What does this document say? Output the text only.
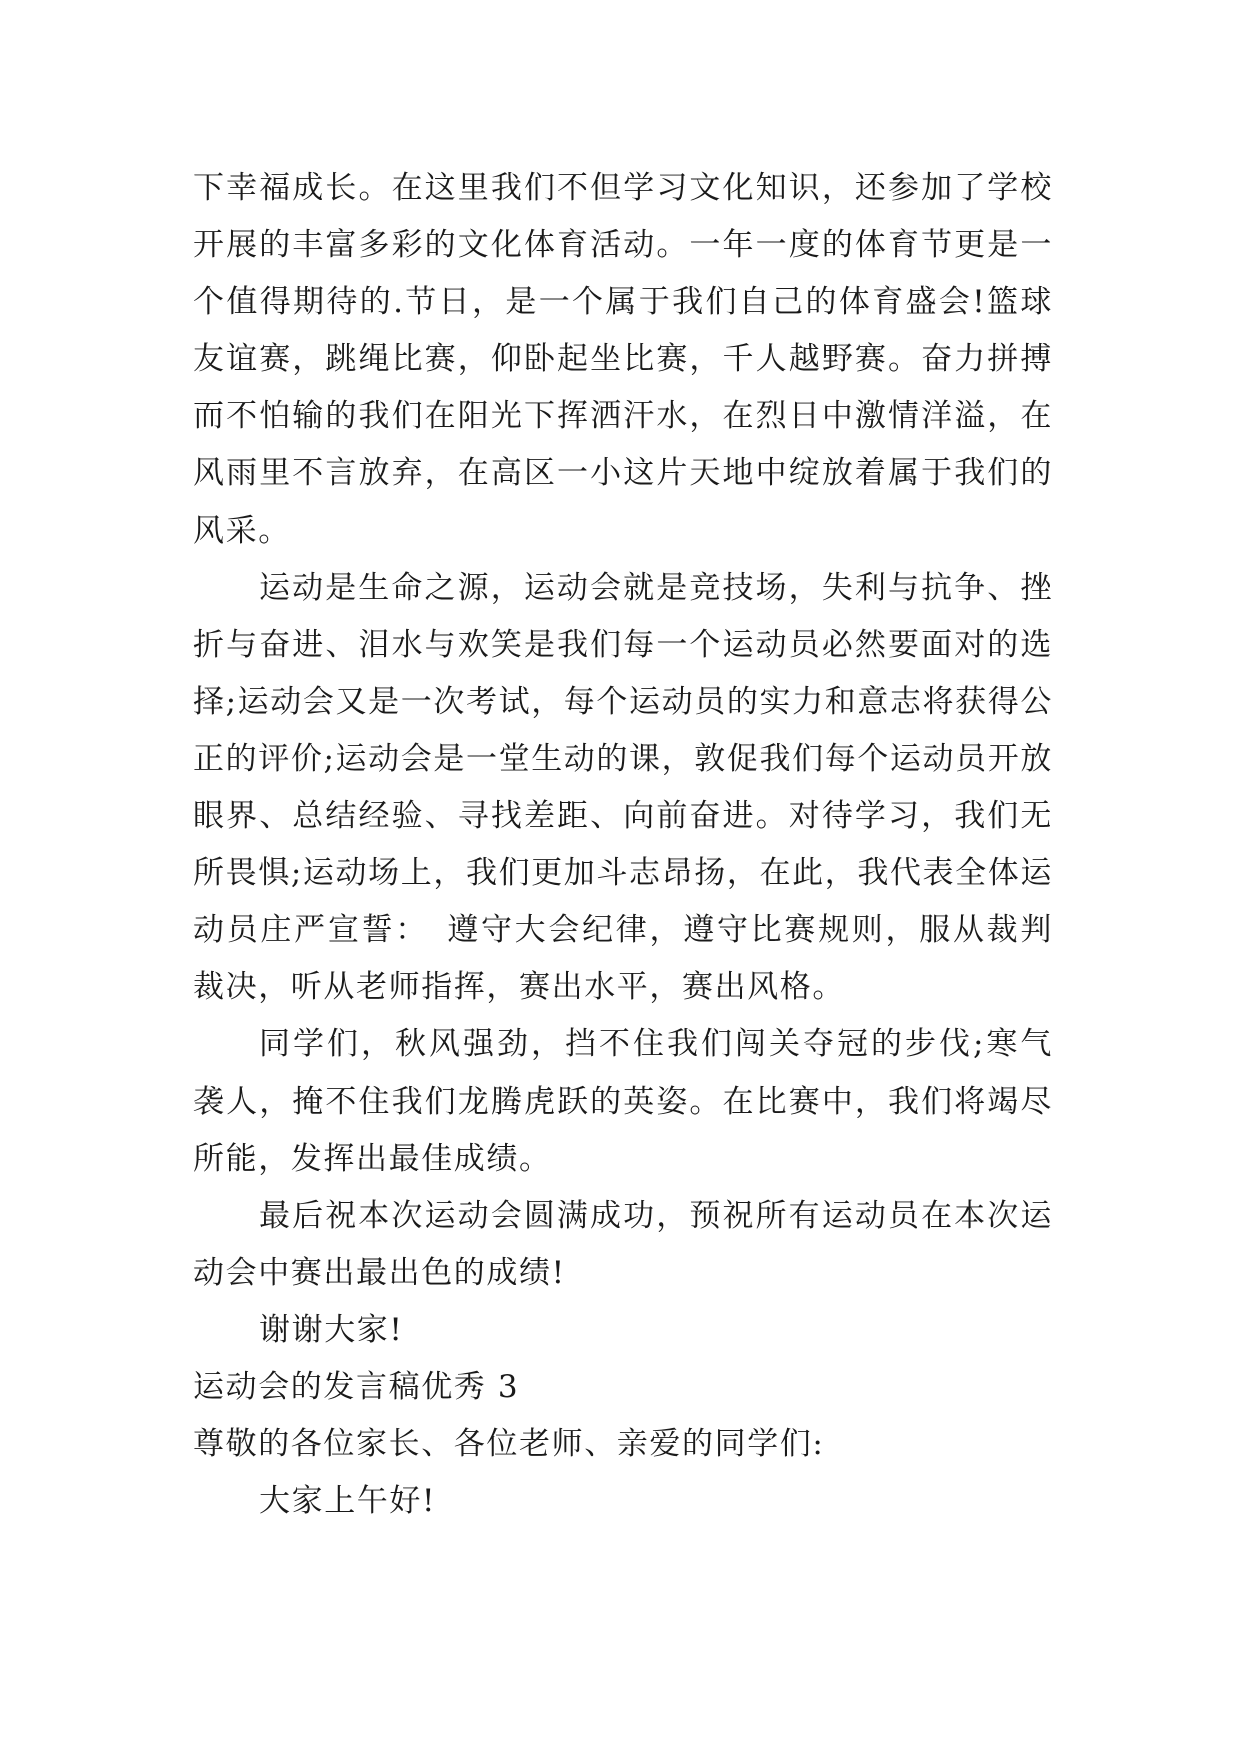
下幸福成长。在这里我们不但学习文化知识，还参加了学校开展的丰富多彩的文化体育活动。一年一度的体育节更是一个值得期待的.节日，是一个属于我们自己的体育盛会!篮球友谊赛，跳绳比赛，仰卧起坐比赛，千人越野赛。奋力拼搏而不怕输的我们在阳光下挥洒汗水，在烈日中激情洋溢，在风雨里不言放弃，在高区一小这片天地中绽放着属于我们的风采。

运动是生命之源，运动会就是竞技场，失利与抗争、挫折与奋进、泪水与欢笑是我们每一个运动员必然要面对的选择;运动会又是一次考试，每个运动员的实力和意志将获得公正的评价;运动会是一堂生动的课，敦促我们每个运动员开放眼界、总结经验、寻找差距、向前奋进。对待学习，我们无所畏惧;运动场上，我们更加斗志昂扬，在此，我代表全体运动员庄严宣誓：　遵守大会纪律，遵守比赛规则，服从裁判裁决，听从老师指挥，赛出水平，赛出风格。

同学们，秋风强劲，挡不住我们闯关夺冠的步伐;寒气袭人，掩不住我们龙腾虎跃的英姿。在比赛中，我们将竭尽所能，发挥出最佳成绩。

最后祝本次运动会圆满成功，预祝所有运动员在本次运动会中赛出最出色的成绩!

谢谢大家!

运动会的发言稿优秀 3

尊敬的各位家长、各位老师、亲爱的同学们:

大家上午好!
